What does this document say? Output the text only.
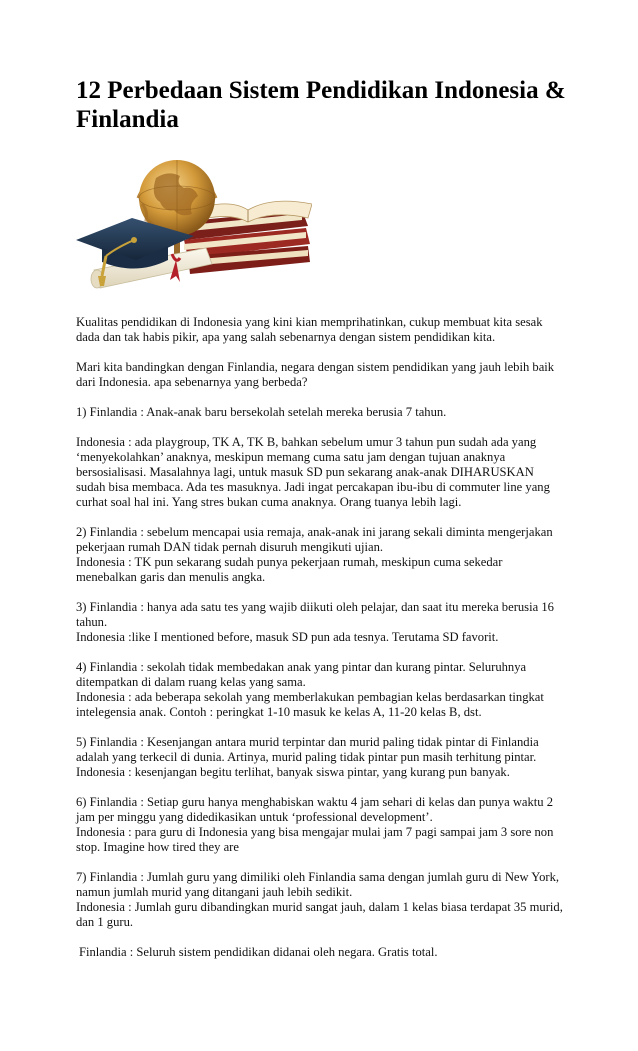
12 Perbedaan Sistem Pendidikan Indonesia & Finlandia

Kualitas pendidikan di Indonesia yang kini kian memprihatinkan, cukup membuat kita sesak dada dan tak habis pikir, apa yang salah sebenarnya dengan sistem pendidikan kita.

Mari kita bandingkan dengan Finlandia, negara dengan sistem pendidikan yang jauh lebih baik dari Indonesia. apa sebenarnya yang berbeda?

1) Finlandia : Anak-anak baru bersekolah setelah mereka berusia 7 tahun.

Indonesia : ada playgroup, TK A, TK B, bahkan sebelum umur 3 tahun pun sudah ada yang ‘menyekolahkan’ anaknya, meskipun memang cuma satu jam dengan tujuan anaknya bersosialisasi. Masalahnya lagi, untuk masuk SD pun sekarang anak-anak DIHARUSKAN sudah bisa membaca. Ada tes masuknya. Jadi ingat percakapan ibu-ibu di commuter line yang curhat soal hal ini. Yang stres bukan cuma anaknya. Orang tuanya lebih lagi.

2) Finlandia : sebelum mencapai usia remaja, anak-anak ini jarang sekali diminta mengerjakan pekerjaan rumah DAN tidak pernah disuruh mengikuti ujian.
Indonesia : TK pun sekarang sudah punya pekerjaan rumah, meskipun cuma sekedar menebalkan garis dan menulis angka.

3) Finlandia : hanya ada satu tes yang wajib diikuti oleh pelajar, dan saat itu mereka berusia 16 tahun.
Indonesia :like I mentioned before, masuk SD pun ada tesnya. Terutama SD favorit.

4) Finlandia : sekolah tidak membedakan anak yang pintar dan kurang pintar. Seluruhnya ditempatkan di dalam ruang kelas yang sama.
Indonesia : ada beberapa sekolah yang memberlakukan pembagian kelas berdasarkan tingkat intelegensia anak. Contoh : peringkat 1-10 masuk ke kelas A, 11-20 kelas B, dst.

5) Finlandia : Kesenjangan antara murid terpintar dan murid paling tidak pintar di Finlandia adalah yang terkecil di dunia. Artinya, murid paling tidak pintar pun masih terhitung pintar.
Indonesia : kesenjangan begitu terlihat, banyak siswa pintar, yang kurang pun banyak.

6) Finlandia : Setiap guru hanya menghabiskan waktu 4 jam sehari di kelas dan punya waktu 2 jam per minggu yang didedikasikan untuk ‘professional development’.
Indonesia : para guru di Indonesia yang bisa mengajar mulai jam 7 pagi sampai jam 3 sore non stop. Imagine how tired they are

7) Finlandia : Jumlah guru yang dimiliki oleh Finlandia sama dengan jumlah guru di New York, namun jumlah murid yang ditangani jauh lebih sedikit.
Indonesia : Jumlah guru dibandingkan murid sangat jauh, dalam 1 kelas biasa terdapat 35 murid, dan 1 guru.

Finlandia : Seluruh sistem pendidikan didanai oleh negara. Gratis total.
